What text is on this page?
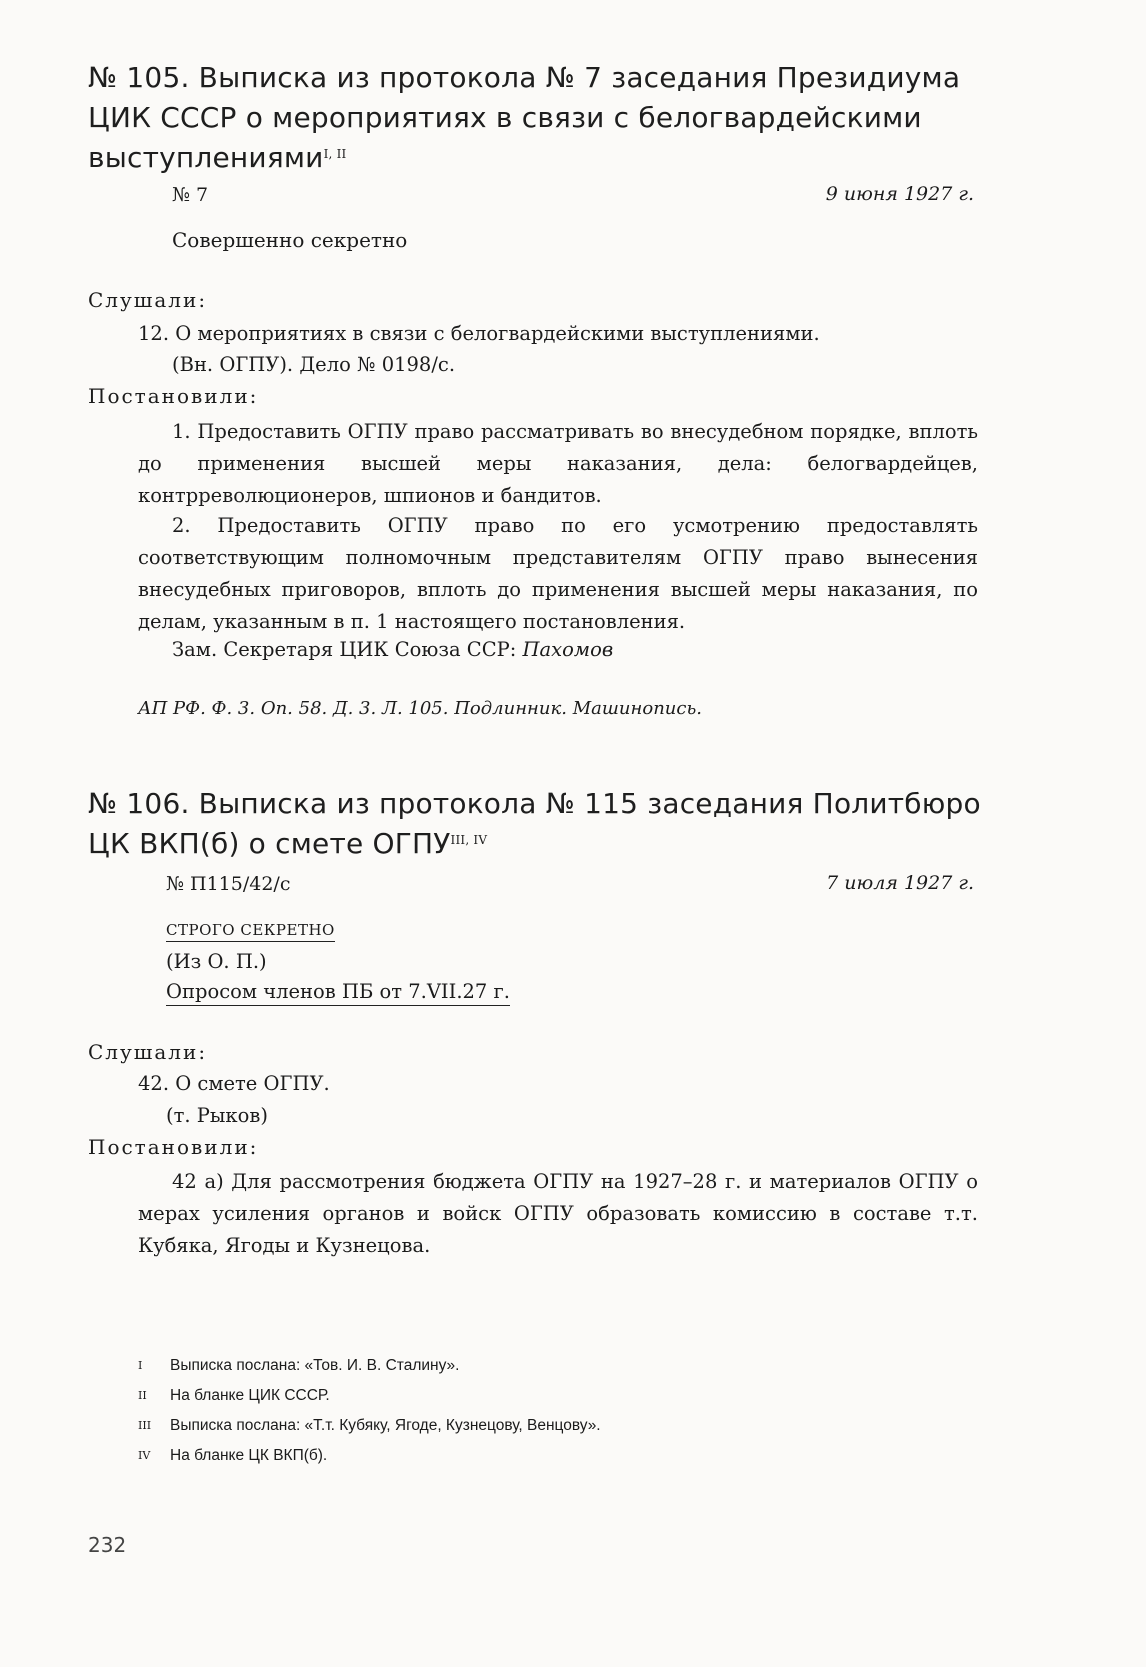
№ 105. Выписка из протокола № 7 заседания Президиума
ЦИК СССР о мероприятиях в связи с белогвардейскими
выступлениями$^{I, II}$
№ 7	9 июня 1927 г.
Совершенно секретно
Слушали:
12. О мероприятиях в связи с белогвардейскими выступлениями.
(Вн. ОГПУ). Дело № 0198/с.
Постановили:
1. Предоставить ОГПУ право рассматривать во внесудебном порядке, вплоть до применения высшей меры наказания, дела: белогвардейцев, контрреволюционеров, шпионов и бандитов.
2. Предоставить ОГПУ право по его усмотрению предоставлять соответствующим полномочным представителям ОГПУ право вынесения внесудебных приговоров, вплоть до применения высшей меры наказания, по делам, указанным в п. 1 настоящего постановления.
Зам. Секретаря ЦИК Союза ССР: Пахомов
АП РФ. Ф. 3. Оп. 58. Д. 3. Л. 105. Подлинник. Машинопись.
№ 106. Выписка из протокола № 115 заседания Политбюро
ЦК ВКП(б) о смете $ОГПУ^{III, IV}$
№ П115/42/с	7 июля 1927 г.
СТРОГО СЕКРЕТНО
(Из О. П.)
Опросом членов ПБ от 7.VII.27 г.
Слушали:
42. О смете ОГПУ.
(т. Рыков)
Постановили:
42 а) Для рассмотрения бюджета ОГПУ на 1927–28 г. и материалов ОГПУ о мерах усиления органов и войск ОГПУ образовать комиссию в составе т.т. Кубяка, Ягоды и Кузнецова.
I	Выписка послана: «Тов. И. В. Сталину».
II	На бланке ЦИК СССР.
III	Выписка послана: «Т.т. Кубяку, Ягоде, Кузнецову, Венцову».
IV	На бланке ЦК ВКП(б).
232
